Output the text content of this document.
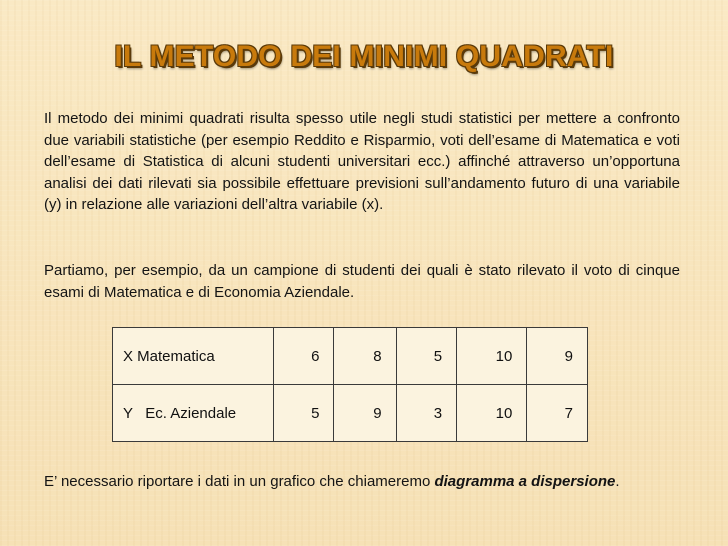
IL METODO DEI MINIMI QUADRATI
Il metodo dei minimi quadrati risulta spesso utile negli studi statistici per mettere a confronto due variabili statistiche (per esempio Reddito e Risparmio, voti dell’esame di Matematica e voti dell’esame di Statistica di alcuni studenti universitari ecc.) affinché attraverso un’opportuna analisi dei dati rilevati sia possibile effettuare previsioni sull’andamento futuro di una variabile (y) in relazione alle variazioni dell’altra variabile (x).
Partiamo, per esempio, da un campione di studenti dei quali è stato rilevato il voto di cinque esami di Matematica e di Economia Aziendale.
X Matematica	6	8	5	10	9
Y   Ec. Aziendale	5	9	3	10	7
E’ necessario riportare i dati in un grafico che chiameremo diagramma a dispersione.
